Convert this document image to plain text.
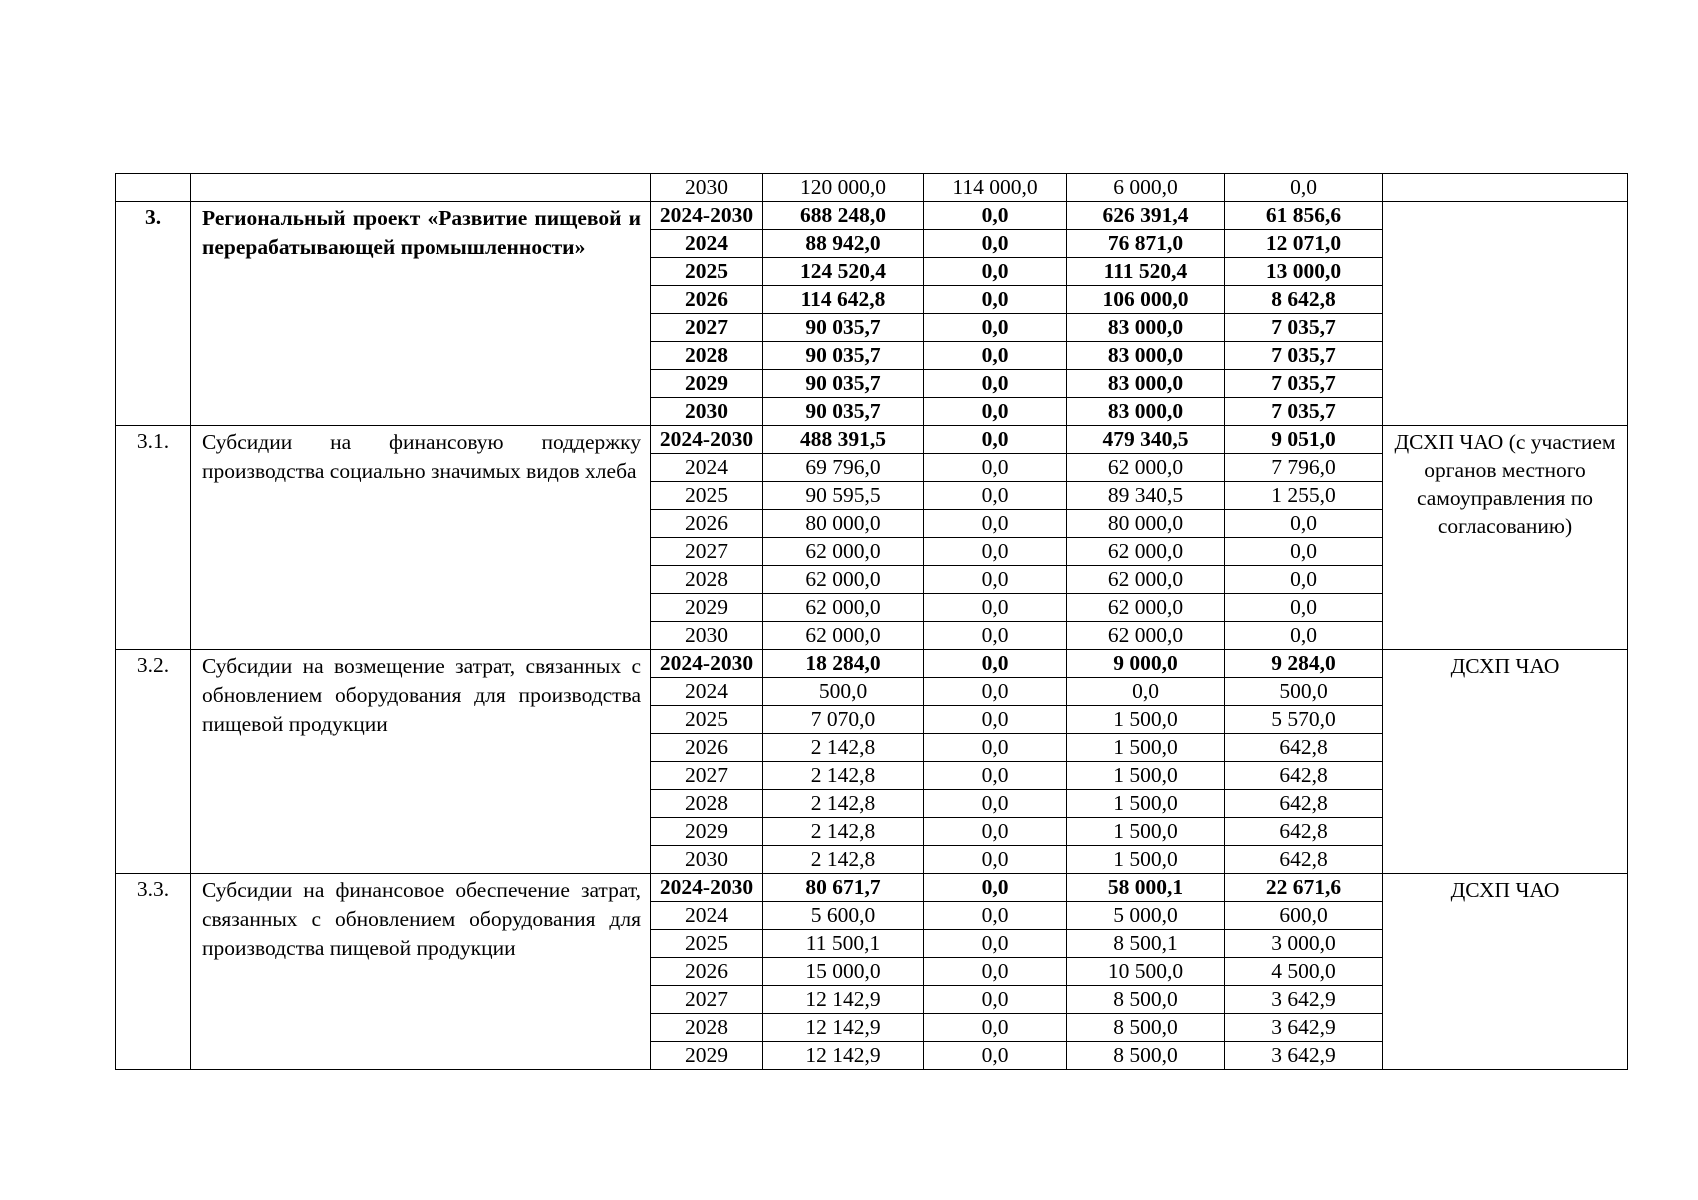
		2030	120 000,0	114 000,0	6 000,0	0,0	
3.	Региональный проект «Развитие пищевой и перерабатывающей промышленности»	2024-2030	688 248,0	0,0	626 391,4	61 856,6	
		2024	88 942,0	0,0	76 871,0	12 071,0	
		2025	124 520,4	0,0	111 520,4	13 000,0	
		2026	114 642,8	0,0	106 000,0	8 642,8	
		2027	90 035,7	0,0	83 000,0	7 035,7	
		2028	90 035,7	0,0	83 000,0	7 035,7	
		2029	90 035,7	0,0	83 000,0	7 035,7	
		2030	90 035,7	0,0	83 000,0	7 035,7	
3.1.	Субсидии на финансовую поддержку производства социально значимых видов хлеба	2024-2030	488 391,5	0,0	479 340,5	9 051,0	ДСХП ЧАО (с участием органов местного самоуправления по согласованию)
		2024	69 796,0	0,0	62 000,0	7 796,0	
		2025	90 595,5	0,0	89 340,5	1 255,0	
		2026	80 000,0	0,0	80 000,0	0,0	
		2027	62 000,0	0,0	62 000,0	0,0	
		2028	62 000,0	0,0	62 000,0	0,0	
		2029	62 000,0	0,0	62 000,0	0,0	
		2030	62 000,0	0,0	62 000,0	0,0	
3.2.	Субсидии на возмещение затрат, связанных с обновлением оборудования для производства пищевой продукции	2024-2030	18 284,0	0,0	9 000,0	9 284,0	ДСХП ЧАО
		2024	500,0	0,0	0,0	500,0	
		2025	7 070,0	0,0	1 500,0	5 570,0	
		2026	2 142,8	0,0	1 500,0	642,8	
		2027	2 142,8	0,0	1 500,0	642,8	
		2028	2 142,8	0,0	1 500,0	642,8	
		2029	2 142,8	0,0	1 500,0	642,8	
		2030	2 142,8	0,0	1 500,0	642,8	
3.3.	Субсидии на финансовое обеспечение затрат, связанных с обновлением оборудования для производства пищевой продукции	2024-2030	80 671,7	0,0	58 000,1	22 671,6	ДСХП ЧАО
		2024	5 600,0	0,0	5 000,0	600,0	
		2025	11 500,1	0,0	8 500,1	3 000,0	
		2026	15 000,0	0,0	10 500,0	4 500,0	
		2027	12 142,9	0,0	8 500,0	3 642,9	
		2028	12 142,9	0,0	8 500,0	3 642,9	
		2029	12 142,9	0,0	8 500,0	3 642,9	
